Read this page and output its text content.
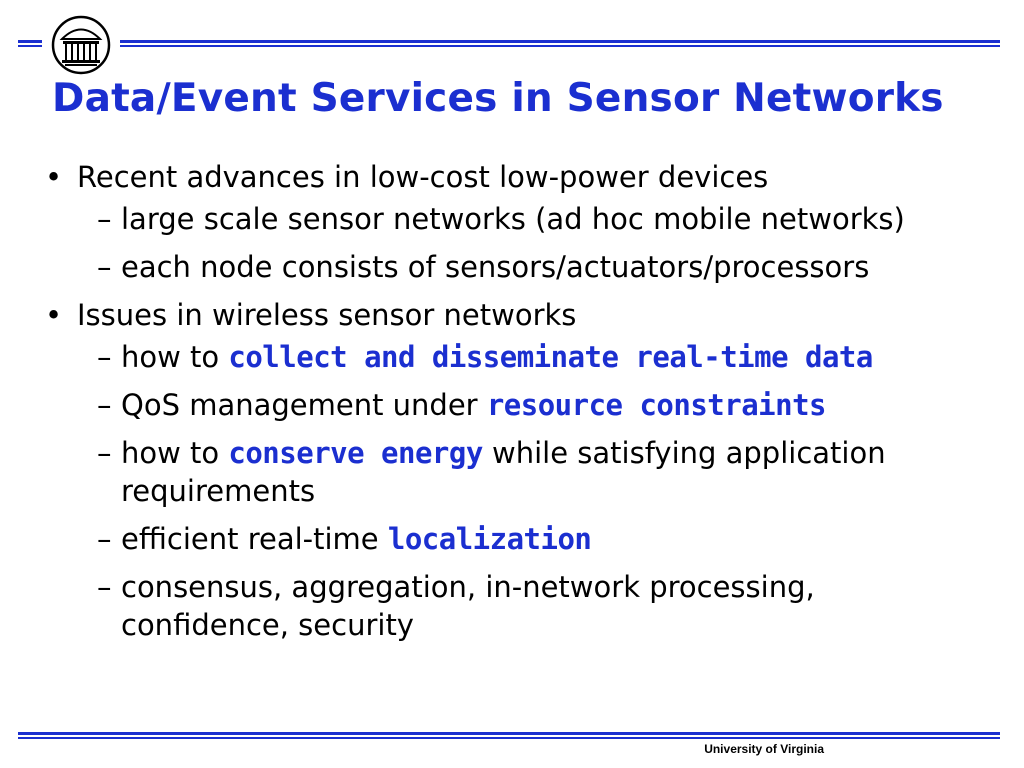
Data/Event Services in Sensor Networks
• Recent advances in low-cost low-power devices
– large scale sensor networks (ad hoc mobile networks)
– each node consists of sensors/actuators/processors
• Issues in wireless sensor networks
– how to collect and disseminate real-time data
– QoS management under resource constraints
– how to conserve energy while satisfying application
requirements
– efficient real-time localization
– consensus, aggregation, in-network processing,
confidence, security
University of Virginia
